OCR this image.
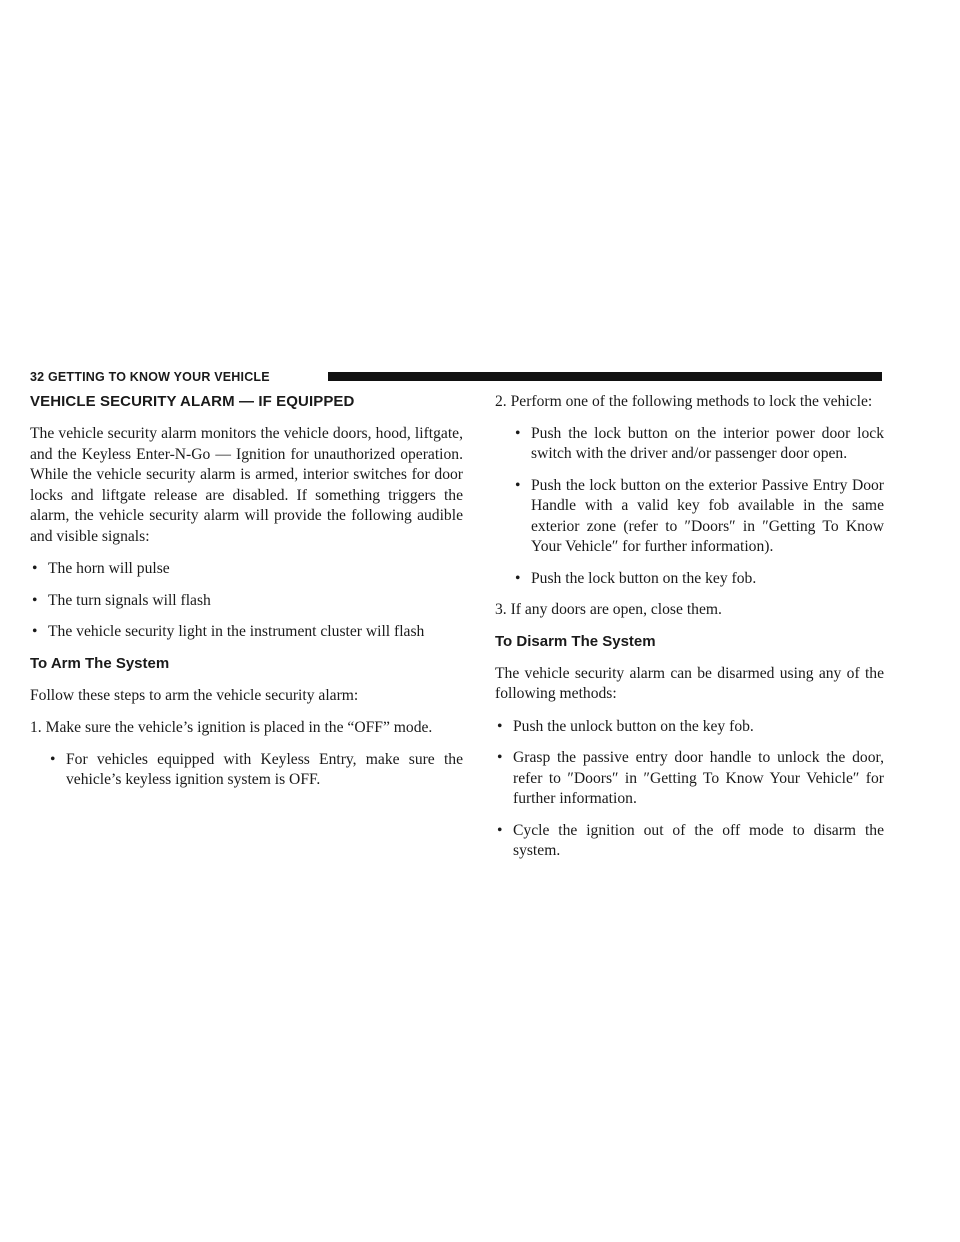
32 GETTING TO KNOW YOUR VEHICLE
VEHICLE SECURITY ALARM — IF EQUIPPED

The vehicle security alarm monitors the vehicle doors, hood, liftgate, and the Keyless Enter-N-Go — Ignition for unauthorized operation. While the vehicle security alarm is armed, interior switches for door locks and liftgate release are disabled. If something triggers the alarm, the vehicle security alarm will provide the following audible and visible signals:

• The horn will pulse
• The turn signals will flash
• The vehicle security light in the instrument cluster will flash
To Arm The System

Follow these steps to arm the vehicle security alarm:

1. Make sure the vehicle’s ignition is placed in the “OFF” mode.

• For vehicles equipped with Keyless Entry, make sure the vehicle’s keyless ignition system is OFF.

2. Perform one of the following methods to lock the vehicle:

• Push the lock button on the interior power door lock switch with the driver and/or passenger door open.
• Push the lock button on the exterior Passive Entry Door Handle with a valid key fob available in the same exterior zone (refer to ″Doors″ in ″Getting To Know Your Vehicle″ for further information).
• Push the lock button on the key fob.

3. If any doors are open, close them.

To Disarm The System

The vehicle security alarm can be disarmed using any of the following methods:

• Push the unlock button on the key fob.
• Grasp the passive entry door handle to unlock the door, refer to ″Doors″ in ″Getting To Know Your Vehicle″ for further information.
• Cycle the ignition out of the off mode to disarm the system.
